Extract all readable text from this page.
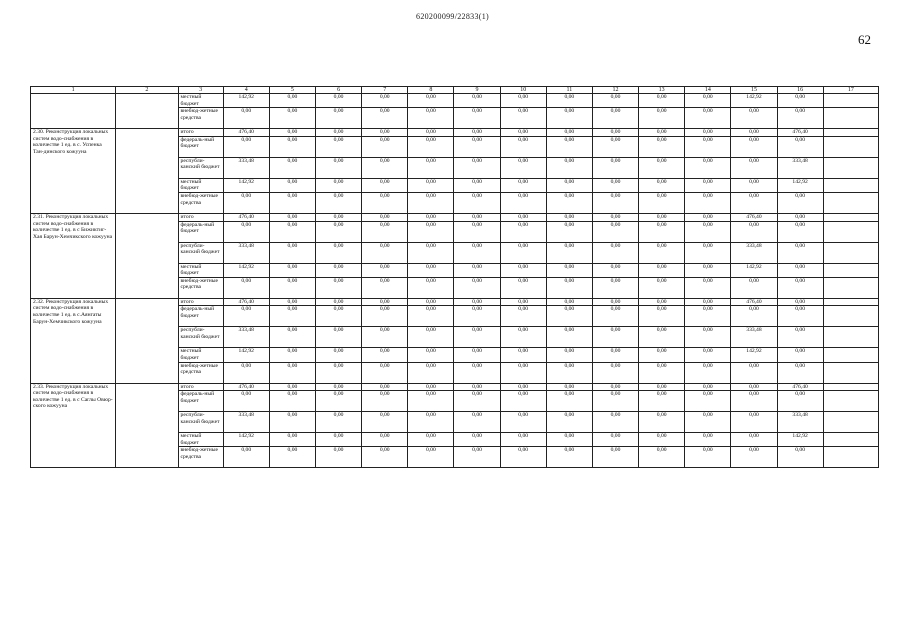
620200099/22833(1)
62
1	2	3	4	5	6	7	8	9	10	11	12	13	14	15	16	17
		местный бюджет	142,92	0,00	0,00	0,00	0,00	0,00	0,00	0,00	0,00	0,00	0,00	142,92	0,00	
		внебюд-жетные средства	0,00	0,00	0,00	0,00	0,00	0,00	0,00	0,00	0,00	0,00	0,00	0,00	0,00	
2.30. Реконструкция локальных систем водо-снабжения в количестве 1 ед. в с. Успенка Тан-динского кожууна		итого	476,40	0,00	0,00	0,00	0,00	0,00	0,00	0,00	0,00	0,00	0,00	0,00	476,40	
		федераль-ный бюджет	0,00	0,00	0,00	0,00	0,00	0,00	0,00	0,00	0,00	0,00	0,00	0,00	0,00	
		республи-канский бюджет	333,48	0,00	0,00	0,00	0,00	0,00	0,00	0,00	0,00	0,00	0,00	0,00	333,48	
		местный бюджет	142,92	0,00	0,00	0,00	0,00	0,00	0,00	0,00	0,00	0,00	0,00	0,00	142,92	
		внебюд-жетные средства	0,00	0,00	0,00	0,00	0,00	0,00	0,00	0,00	0,00	0,00	0,00	0,00	0,00	
2.31. Реконструкция локальных систем водо-снабжения в количестве 1 ед. в с Бижиктиг-Хая Барун-Хемчикского кожууна		итого	476,40	0,00	0,00	0,00	0,00	0,00	0,00	0,00	0,00	0,00	0,00	476,40	0,00	
		федераль-ный бюджет	0,00	0,00	0,00	0,00	0,00	0,00	0,00	0,00	0,00	0,00	0,00	0,00	0,00	
		республи-канский бюджет	333,48	0,00	0,00	0,00	0,00	0,00	0,00	0,00	0,00	0,00	0,00	333,48	0,00	
		местный бюджет	142,92	0,00	0,00	0,00	0,00	0,00	0,00	0,00	0,00	0,00	0,00	142,92	0,00	
		внебюд-жетные средства	0,00	0,00	0,00	0,00	0,00	0,00	0,00	0,00	0,00	0,00	0,00	0,00	0,00	
2.32. Реконструкция локальных систем водо-снабжения в количестве 1 ед. в с.Аянгаты Барун-Хемчикского кожууна		итого	476,40	0,00	0,00	0,00	0,00	0,00	0,00	0,00	0,00	0,00	0,00	476,40	0,00	
		федераль-ный бюджет	0,00	0,00	0,00	0,00	0,00	0,00	0,00	0,00	0,00	0,00	0,00	0,00	0,00	
		республи-канский бюджет	333,48	0,00	0,00	0,00	0,00	0,00	0,00	0,00	0,00	0,00	0,00	333,48	0,00	
		местный бюджет	142,92	0,00	0,00	0,00	0,00	0,00	0,00	0,00	0,00	0,00	0,00	142,92	0,00	
		внебюд-жетные средства	0,00	0,00	0,00	0,00	0,00	0,00	0,00	0,00	0,00	0,00	0,00	0,00	0,00	
2.33. Реконструкция локальных систем водо-снабжения в количестве 1 ед. в с Саглы Овюр-ского кожууна		итого	476,40	0,00	0,00	0,00	0,00	0,00	0,00	0,00	0,00	0,00	0,00	0,00	476,40	
		федераль-ный бюджет	0,00	0,00	0,00	0,00	0,00	0,00	0,00	0,00	0,00	0,00	0,00	0,00	0,00	
		республи-канский бюджет	333,48	0,00	0,00	0,00	0,00	0,00	0,00	0,00	0,00	0,00	0,00	0,00	333,48	
		местный бюджет	142,92	0,00	0,00	0,00	0,00	0,00	0,00	0,00	0,00	0,00	0,00	0,00	142,92	
		внебюд-жетные средства	0,00	0,00	0,00	0,00	0,00	0,00	0,00	0,00	0,00	0,00	0,00	0,00	0,00	
